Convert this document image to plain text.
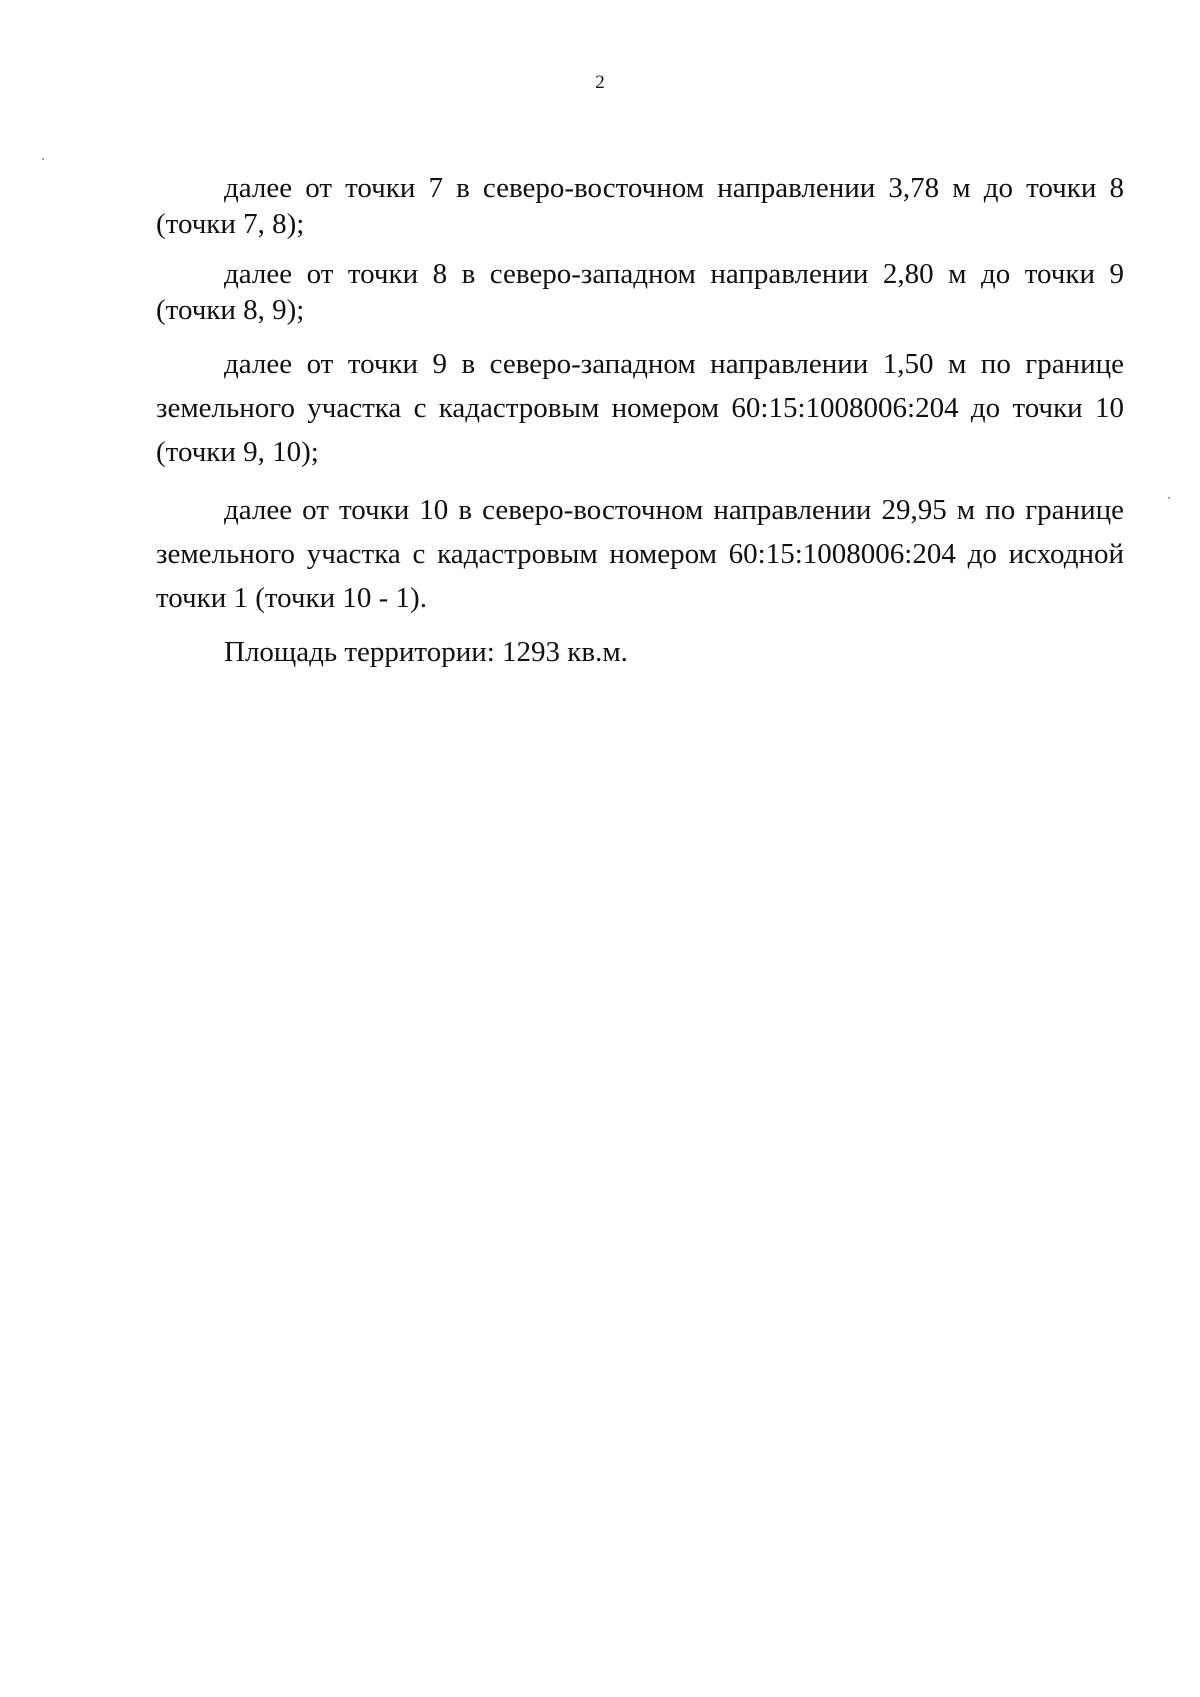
2

далее от точки 7 в северо-восточном направлении 3,78 м до точки 8 (точки 7, 8);

далее от точки 8 в северо-западном направлении 2,80 м до точки 9 (точки 8, 9);

далее от точки 9 в северо-западном направлении 1,50 м по границе земельного участка с кадастровым номером 60:15:1008006:204 до точки 10 (точки 9, 10);

далее от точки 10 в северо-восточном направлении 29,95 м по границе земельного участка с кадастровым номером 60:15:1008006:204 до исходной точки 1 (точки 10 - 1).

Площадь территории: 1293 кв.м.
